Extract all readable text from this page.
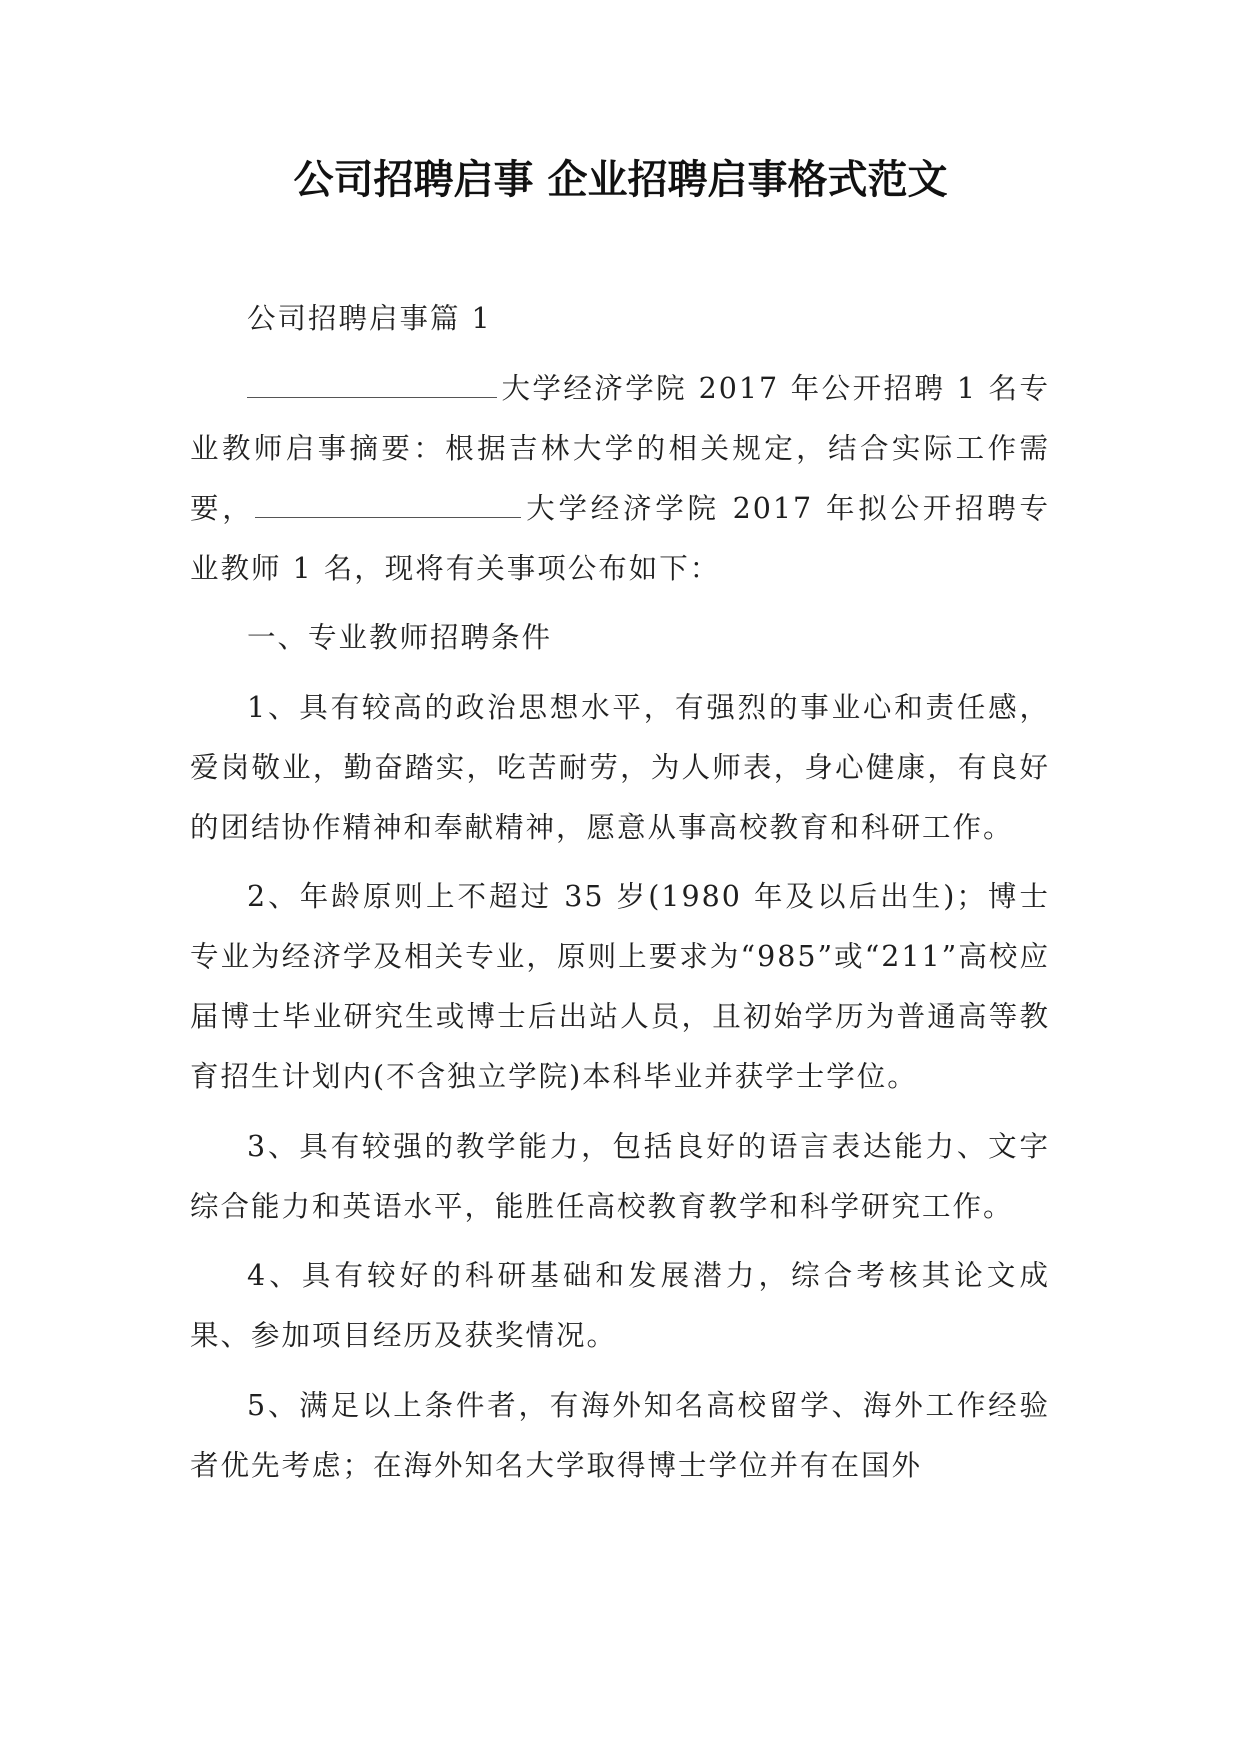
公司招聘启事 企业招聘启事格式范文

公司招聘启事篇 1

大学经济学院 2017 年公开招聘 1 名专业教师启事摘要：根据吉林大学的相关规定，结合实际工作需要，	大学经济学院 2017 年拟公开招聘专业教师 1 名，现将有关事项公布如下：

一、专业教师招聘条件

1、具有较高的政治思想水平，有强烈的事业心和责任感，爱岗敬业，勤奋踏实，吃苦耐劳，为人师表，身心健康，有良好的团结协作精神和奉献精神，愿意从事高校教育和科研工作。

2、年龄原则上不超过 35 岁(1980 年及以后出生)；博士专业为经济学及相关专业，原则上要求为“985”或“211”高校应届博士毕业研究生或博士后出站人员，且初始学历为普通高等教育招生计划内(不含独立学院)本科毕业并获学士学位。

3、具有较强的教学能力，包括良好的语言表达能力、文字综合能力和英语水平，能胜任高校教育教学和科学研究工作。

4、具有较好的科研基础和发展潜力，综合考核其论文成果、参加项目经历及获奖情况。

5、满足以上条件者，有海外知名高校留学、海外工作经验者优先考虑；在海外知名大学取得博士学位并有在国外
